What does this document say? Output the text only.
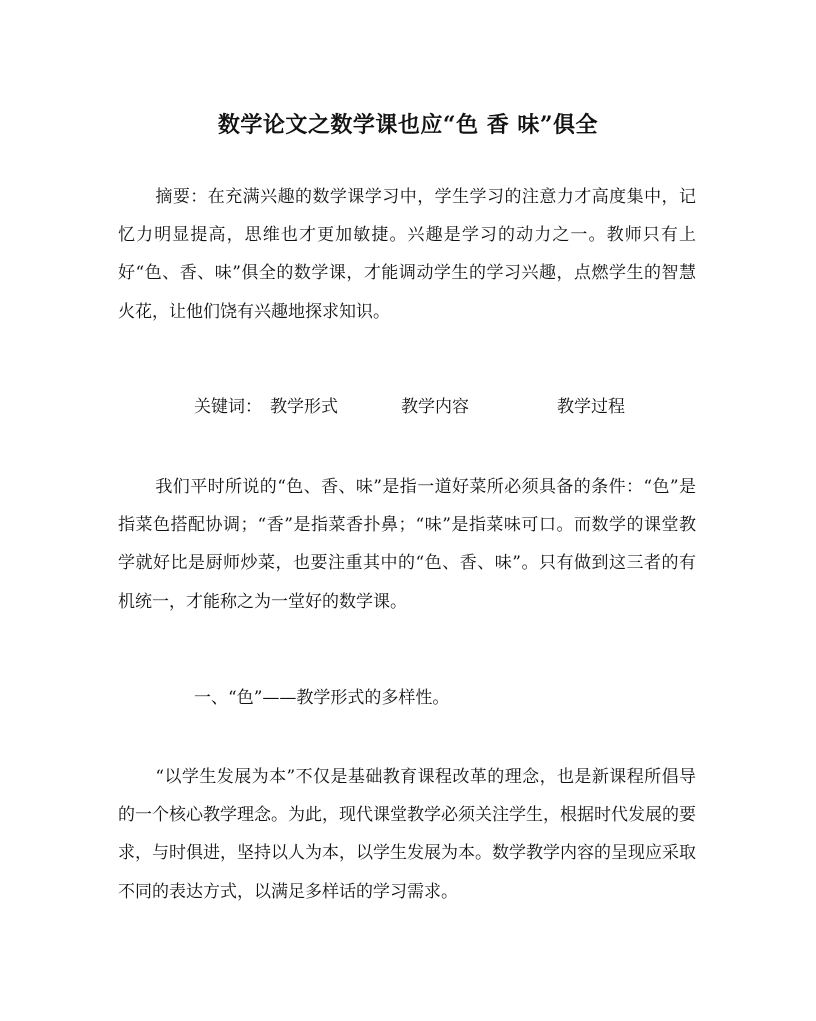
数学论文之数学课也应“色 香 味”俱全

摘要：在充满兴趣的数学课学习中，学生学习的注意力才高度集中，记忆力明显提高，思维也才更加敏捷。兴趣是学习的动力之一。教师只有上好“色、香、味”俱全的数学课，才能调动学生的学习兴趣，点燃学生的智慧火花，让他们饶有兴趣地探求知识。

关键词： 教学形式	教学内容	教学过程

我们平时所说的“色、香、味”是指一道好菜所必须具备的条件：“色”是指菜色搭配协调；“香”是指菜香扑鼻；“味”是指菜味可口。而数学的课堂教学就好比是厨师炒菜，也要注重其中的“色、香、味”。只有做到这三者的有机统一，才能称之为一堂好的数学课。

一、“色”——教学形式的多样性。

“以学生发展为本”不仅是基础教育课程改革的理念，也是新课程所倡导的一个核心教学理念。为此，现代课堂教学必须关注学生，根据时代发展的要求，与时俱进，坚持以人为本，以学生发展为本。数学教学内容的呈现应采取不同的表达方式，以满足多样话的学习需求。
